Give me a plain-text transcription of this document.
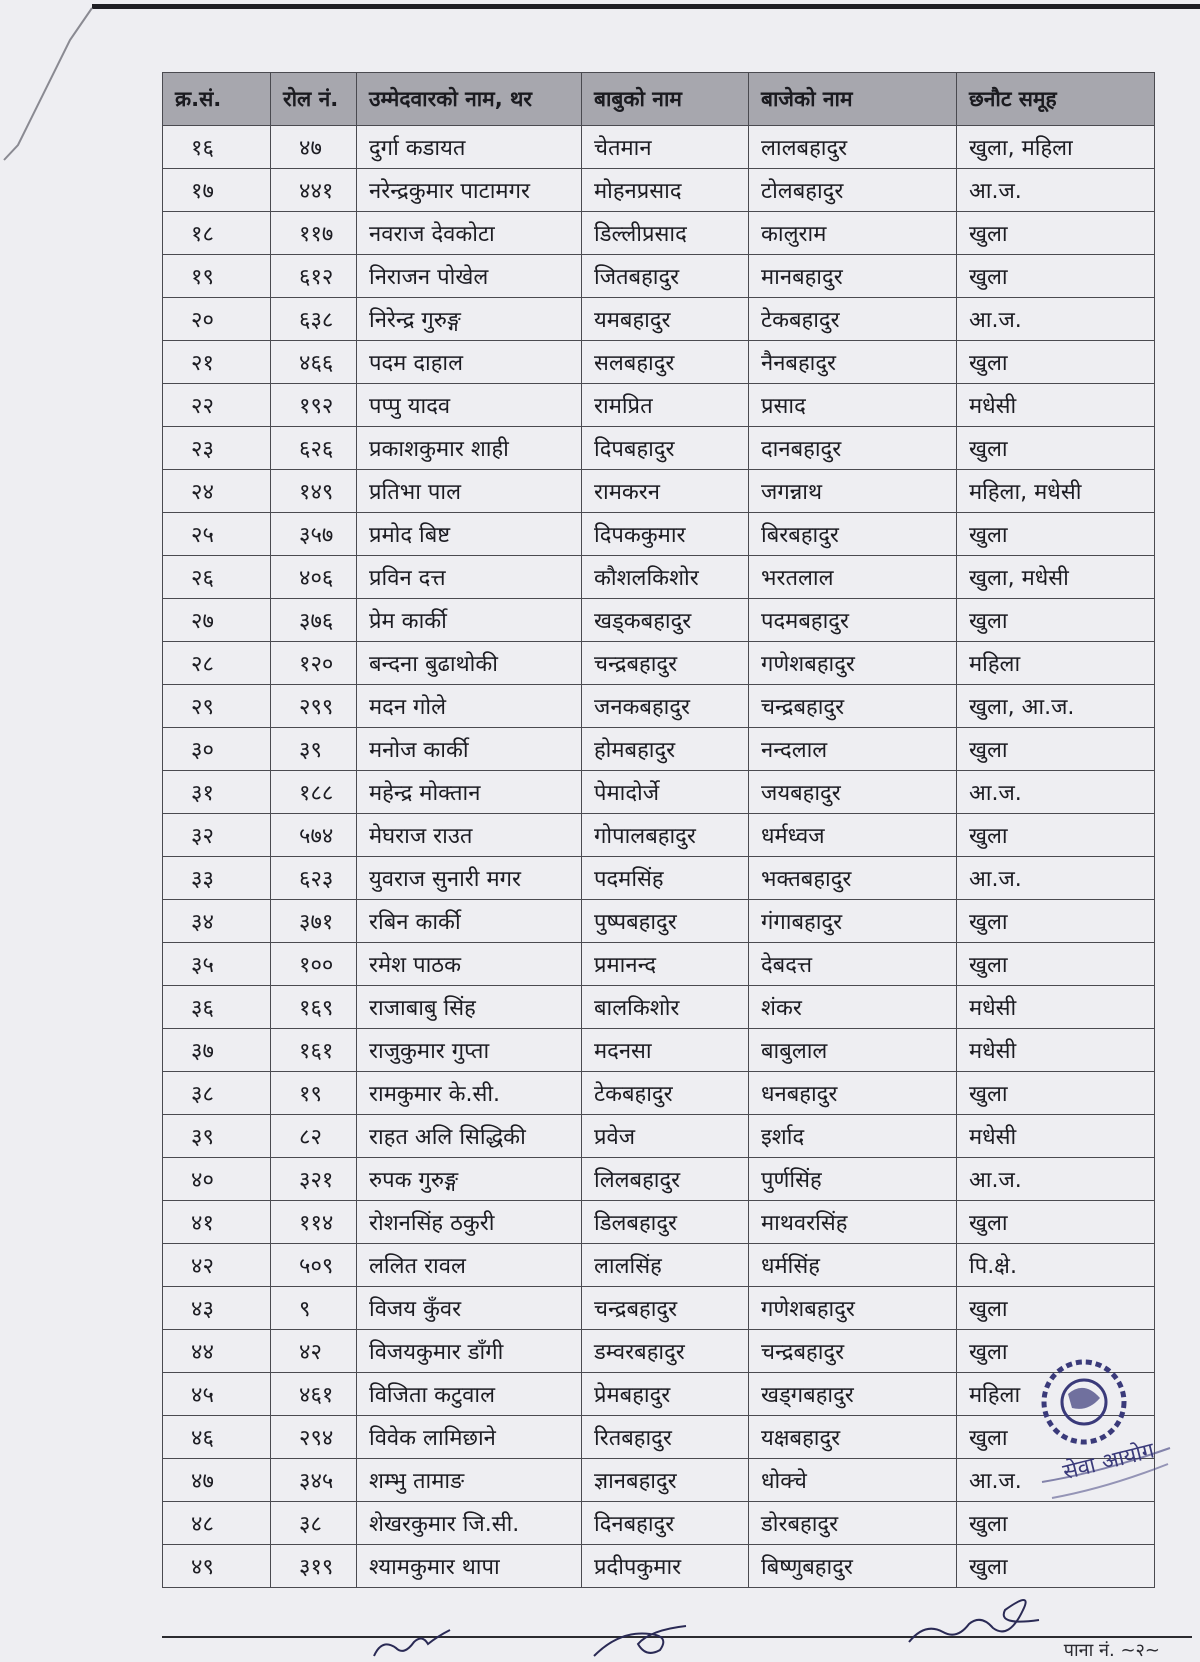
क्र.सं.	रोल नं.	उम्मेदवारको नाम, थर	बाबुको नाम	बाजेको नाम	छनौट समूह
१६	४७	दुर्गा कडायत	चेतमान	लालबहादुर	खुला, महिला
१७	४४१	नरेन्द्रकुमार पाटामगर	मोहनप्रसाद	टोलबहादुर	आ.ज.
१८	११७	नवराज देवकोटा	डिल्लीप्रसाद	कालुराम	खुला
१९	६१२	निराजन पोखेल	जितबहादुर	मानबहादुर	खुला
२०	६३८	निरेन्द्र गुरुङ्ग	यमबहादुर	टेकबहादुर	आ.ज.
२१	४६६	पदम दाहाल	सलबहादुर	नैनबहादुर	खुला
२२	१९२	पप्पु यादव	रामप्रित	प्रसाद	मधेसी
२३	६२६	प्रकाशकुमार शाही	दिपबहादुर	दानबहादुर	खुला
२४	१४९	प्रतिभा पाल	रामकरन	जगन्नाथ	महिला, मधेसी
२५	३५७	प्रमोद बिष्ट	दिपककुमार	बिरबहादुर	खुला
२६	४०६	प्रविन दत्त	कौशलकिशोर	भरतलाल	खुला, मधेसी
२७	३७६	प्रेम कार्की	खड्कबहादुर	पदमबहादुर	खुला
२८	१२०	बन्दना बुढाथोकी	चन्द्रबहादुर	गणेशबहादुर	महिला
२९	२९९	मदन गोले	जनकबहादुर	चन्द्रबहादुर	खुला, आ.ज.
३०	३९	मनोज कार्की	होमबहादुर	नन्दलाल	खुला
३१	१८८	महेन्द्र मोक्तान	पेमादोर्जे	जयबहादुर	आ.ज.
३२	५७४	मेघराज राउत	गोपालबहादुर	धर्मध्वज	खुला
३३	६२३	युवराज सुनारी मगर	पदमसिंह	भक्तबहादुर	आ.ज.
३४	३७१	रबिन कार्की	पुष्पबहादुर	गंगाबहादुर	खुला
३५	१००	रमेश पाठक	प्रमानन्द	देबदत्त	खुला
३६	१६९	राजाबाबु सिंह	बालकिशोर	शंकर	मधेसी
३७	१६१	राजुकुमार गुप्ता	मदनसा	बाबुलाल	मधेसी
३८	१९	रामकुमार के.सी.	टेकबहादुर	धनबहादुर	खुला
३९	८२	राहत अलि सिद्धिकी	प्रवेज	इर्शाद	मधेसी
४०	३२१	रुपक गुरुङ्ग	लिलबहादुर	पुर्णसिंह	आ.ज.
४१	११४	रोशनसिंह ठकुरी	डिलबहादुर	माथवरसिंह	खुला
४२	५०९	ललित रावल	लालसिंह	धर्मसिंह	पि.क्षे.
४३	९	विजय कुँवर	चन्द्रबहादुर	गणेशबहादुर	खुला
४४	४२	विजयकुमार डाँगी	डम्वरबहादुर	चन्द्रबहादुर	खुला
४५	४६१	विजिता कटुवाल	प्रेमबहादुर	खड्गबहादुर	महिला
४६	२९४	विवेक लामिछाने	रितबहादुर	यक्षबहादुर	खुला
४७	३४५	शम्भु तामाङ	ज्ञानबहादुर	धोक्चे	आ.ज.
४८	३८	शेखरकुमार जि.सी.	दिनबहादुर	डोरबहादुर	खुला
४९	३१९	श्यामकुमार थापा	प्रदीपकुमार	बिष्णुबहादुर	खुला
सेवा आयोग
पाना नं. ~२~
